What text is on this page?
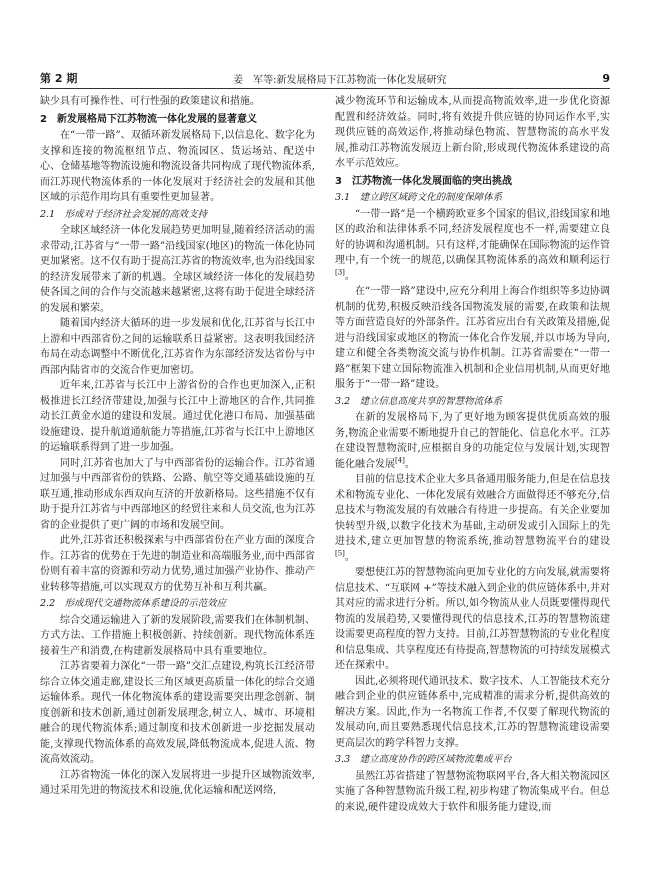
第 2 期	姜　军等:新发展格局下江苏物流一体化发展研究	9

缺少具有可操作性、可行性强的政策建议和措施。

2　新发展格局下江苏物流一体化发展的显著意义

在“一带一路”、双循环新发展格局下,以信息化、数字化为支撑和连接的物流枢纽节点、物流园区、货运场站、配送中心、仓储基地等物流设施和物流设备共同构成了现代物流体系,而江苏现代物流体系的一体化发展对于经济社会的发展和其他区域的示范作用均具有重要性更加显著。

2.1　形成对于经济社会发展的高效支持

全球区域经济一体化发展趋势更加明显,随着经济活动的需求带动,江苏省与“一带一路”沿线国家(地区)的物流一体化协同更加紧密。这不仅有助于提高江苏省的物流效率,也为沿线国家的经济发展带来了新的机遇。全球区域经济一体化的发展趋势使各国之间的合作与交流越来越紧密,这将有助于促进全球经济的发展和繁荣。

随着国内经济大循环的进一步发展和优化,江苏省与长江中上游和中西部省份之间的运输联系日益紧密。这表明我国经济布局在动态调整中不断优化,江苏省作为东部经济发达省份与中西部内陆省市的交流合作更加密切。

近年来,江苏省与长江中上游省份的合作也更加深入,正积极推进长江经济带建设,加强与长江中上游地区的合作,共同推动长江黄金水道的建设和发展。通过优化港口布局、加强基础设施建设、提升航道通航能力等措施,江苏省与长江中上游地区的运输联系得到了进一步加强。

同时,江苏省也加大了与中西部省份的运输合作。江苏省通过加强与中西部省份的铁路、公路、航空等交通基础设施的互联互通,推动形成东西双向互济的开放新格局。这些措施不仅有助于提升江苏省与中西部地区的经贸往来和人员交流,也为江苏省的企业提供了更广阔的市场和发展空间。

此外,江苏省还积极探索与中西部省份在产业方面的深度合作。江苏省的优势在于先进的制造业和高端服务业,而中西部省份则有着丰富的资源和劳动力优势,通过加强产业协作、推动产业转移等措施,可以实现双方的优势互补和互利共赢。

2.2　形成现代交通物流体系建设的示范效应

综合交通运输进入了新的发展阶段,需要我们在体制机制、方式方法、工作措施上积极创新、持续创新。现代物流体系连接着生产和消费,在构建新发展格局中具有重要地位。

江苏省要着力深化“一带一路”交汇点建设,构筑长江经济带综合立体交通走廊,建设长三角区域更高质量一体化的综合交通运输体系。现代一体化物流体系的建设需要突出理念创新、制度创新和技术创新,通过创新发展理念,树立人、城市、环境相融合的现代物流体系;通过制度和技术创新进一步挖掘发展动能,支撑现代物流体系的高效发展,降低物流成本,促进人流、物流高效流动。

江苏省物流一体化的深入发展将进一步提升区域物流效率,通过采用先进的物流技术和设施,优化运输和配送网络,

减少物流环节和运输成本,从而提高物流效率,进一步优化资源配置和经济效益。同时,将有效提升供应链的协同运作水平,实现供应链的高效运作,将推动绿色物流、智慧物流的高水平发展,推动江苏物流发展迈上新台阶,形成现代物流体系建设的高水平示范效应。

3　江苏物流一体化发展面临的突出挑战
3.1　建立跨区域跨文化的制度保障体系

“一带一路”是一个横跨欧亚多个国家的倡议,沿线国家和地区的政治和法律体系不同,经济发展程度也不一样,需要建立良好的协调和沟通机制。只有这样,才能确保在国际物流的运作管理中,有一个统一的规范,以确保其物流体系的高效和顺利运行[3]。

在“一带一路”建设中,应充分利用上海合作组织等多边协调机制的优势,积极反映沿线各国物流发展的需要,在政策和法规等方面营造良好的外部条件。江苏省应出台有关政策及措施,促进与沿线国家或地区的物流一体化合作发展,并以市场为导向,建立和健全各类物流交流与协作机制。江苏省需要在“一带一路”框架下建立国际物流准入机制和企业信用机制,从而更好地服务于“一带一路”建设。

3.2　建立信息高度共享的智慧物流体系

在新的发展格局下,为了更好地为顾客提供优质高效的服务,物流企业需要不断地提升自己的智能化、信息化水平。江苏在建设智慧物流时,应根据自身的功能定位与发展计划,实现智能化融合发展[4]。

目前的信息技术企业大多具备通用服务能力,但是在信息技术和物流专业化、一体化发展有效融合方面做得还不够充分,信息技术与物流发展的有效融合有待进一步提高。有关企业要加快转型升级,以数字化技术为基础,主动研发或引入国际上的先进技术,建立更加智慧的物流系统,推动智慧物流平台的建设[5]。

要想使江苏的智慧物流向更加专业化的方向发展,就需要将信息技术、“互联网 +”等技术融入到企业的供应链体系中,并对其对应的需求进行分析。所以,如今物流从业人员既要懂得现代物流的发展趋势,又要懂得现代的信息技术,江苏的智慧物流建设需要更高程度的智力支持。目前,江苏智慧物流的专业化程度和信息集成、共享程度还有待提高,智慧物流的可持续发展模式还在探索中。

因此,必须将现代通讯技术、数字技术、人工智能技术充分融合到企业的供应链体系中,完成精准的需求分析,提供高效的解决方案。因此,作为一名物流工作者,不仅要了解现代物流的发展动向,而且要熟悉现代信息技术,江苏的智慧物流建设需要更高层次的跨学科智力支撑。

3.3　建立高度协作的跨区域物流集成平台

虽然江苏省搭建了智慧物流物联网平台,各大相关物流园区实施了各种智慧物流升级工程,初步构建了物流集成平台。但总的来说,硬件建设成效大于软件和服务能力建设,而
